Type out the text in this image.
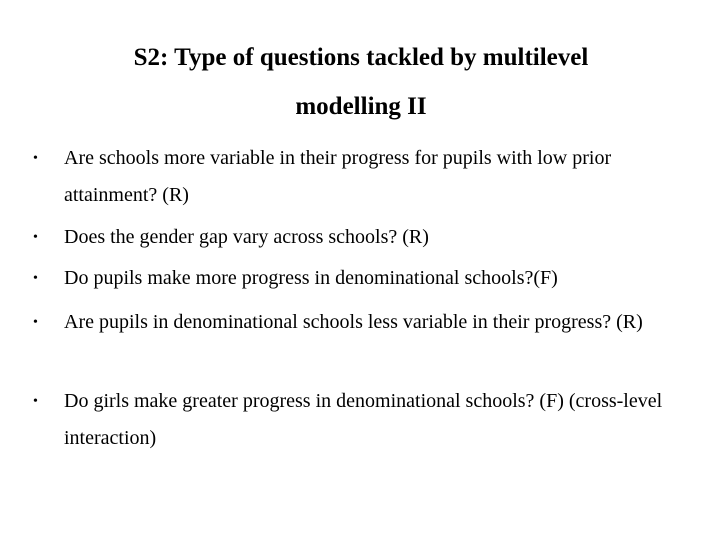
S2: Type of questions tackled by multilevel
modelling II
• Are schools more variable in their progress for pupils with low prior attainment? (R)
• Does the gender gap vary across schools? (R)
• Do pupils make more progress in denominational schools?(F)
• Are pupils in denominational schools less variable in their progress? (R)
• Do girls make greater progress in denominational schools? (F) (cross-level interaction)
